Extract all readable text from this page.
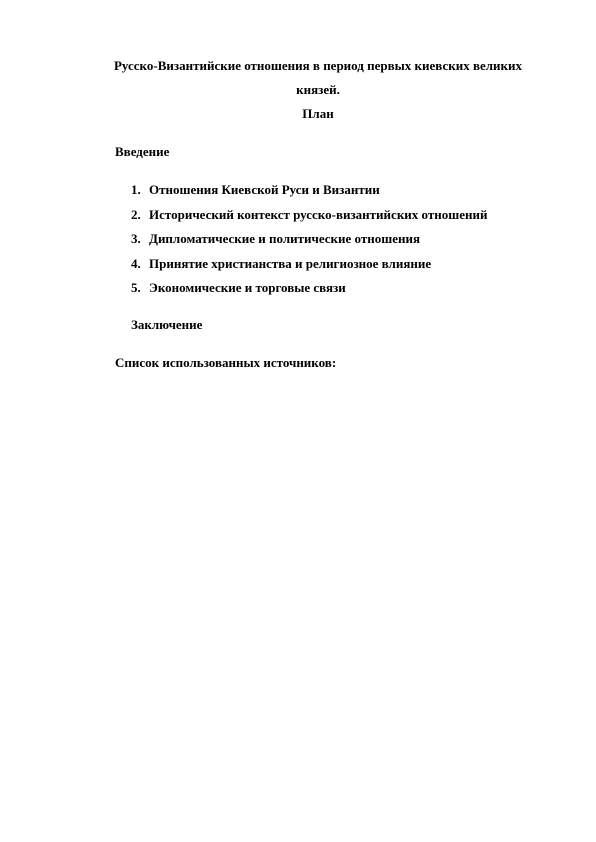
Русско-Византийские отношения в период первых киевских великих
князей.
План
Введение
1. Отношения Киевской Руси и Византии
2. Исторический контекст русско-византийских отношений
3. Дипломатические и политические отношения
4. Принятие христианства и религиозное влияние
5. Экономические и торговые связи
Заключение
Список использованных источников:
